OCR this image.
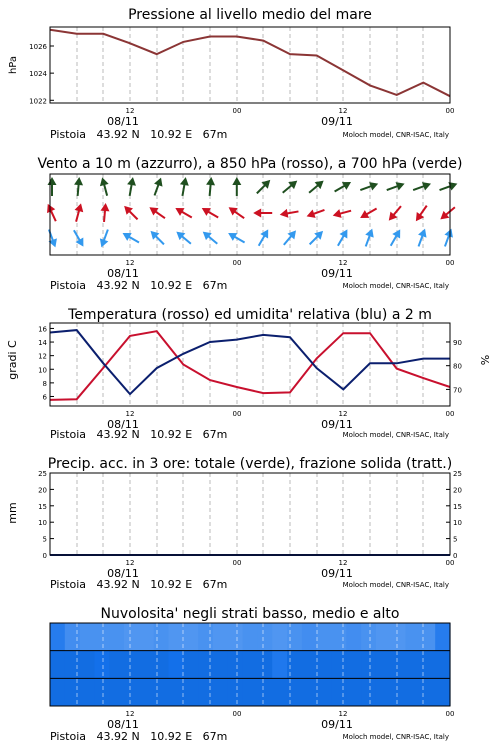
Pressione al livello medio del mare
hPa
1022
1024
1026
12	00	12	00
08/11	09/11
Pistoia   43.92 N   10.92 E   67m	Moloch model, CNR-ISAC, Italy
Vento a 10 m (azzurro), a 850 hPa (rosso), a 700 hPa (verde)
12	00	12	00
08/11	09/11
Pistoia   43.92 N   10.92 E   67m	Moloch model, CNR-ISAC, Italy
Temperatura (rosso) ed umidita' relativa (blu) a 2 m
gradi C	%
6
8
10
12
14
16
70
80
90
12	00	12	00
08/11	09/11
Pistoia   43.92 N   10.92 E   67m	Moloch model, CNR-ISAC, Italy
Precip. acc. in 3 ore: totale (verde), frazione solida (tratt.)
mm
0
5
10
15
20
25
0
5
10
15
20
25
12	00	12	00
08/11	09/11
Pistoia   43.92 N   10.92 E   67m	Moloch model, CNR-ISAC, Italy
Nuvolosita' negli strati basso, medio e alto
12	00	12	00
08/11	09/11
Pistoia   43.92 N   10.92 E   67m	Moloch model, CNR-ISAC, Italy
